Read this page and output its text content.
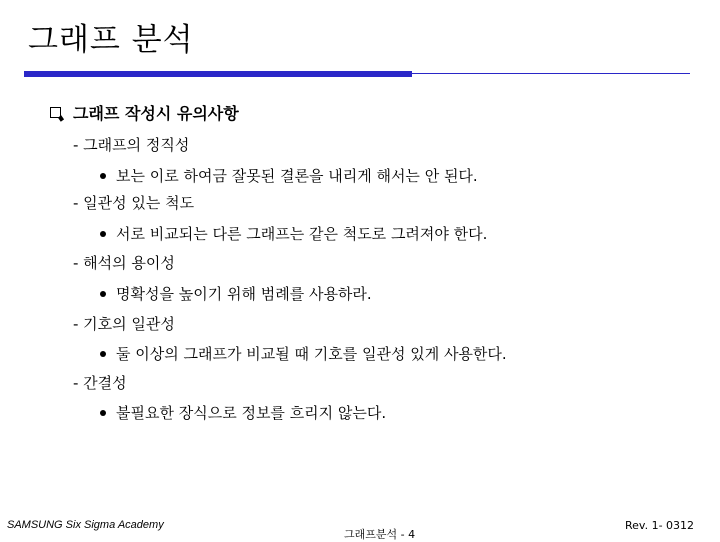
그래프 분석
그래프 작성시 유의사항
- 그래프의 정직성
보는 이로 하여금 잘못된 결론을 내리게 해서는 안 된다.
- 일관성 있는 척도
서로 비교되는 다른 그래프는 같은 척도로 그려져야 한다.
- 해석의 용이성
명확성을 높이기 위해 범례를 사용하라.
- 기호의 일관성
둘 이상의 그래프가 비교될 때 기호를 일관성 있게 사용한다.
- 간결성
불필요한 장식으로 정보를 흐리지 않는다.
SAMSUNG Six Sigma Academy
그래프분석 - 4
Rev. 1- 0312
